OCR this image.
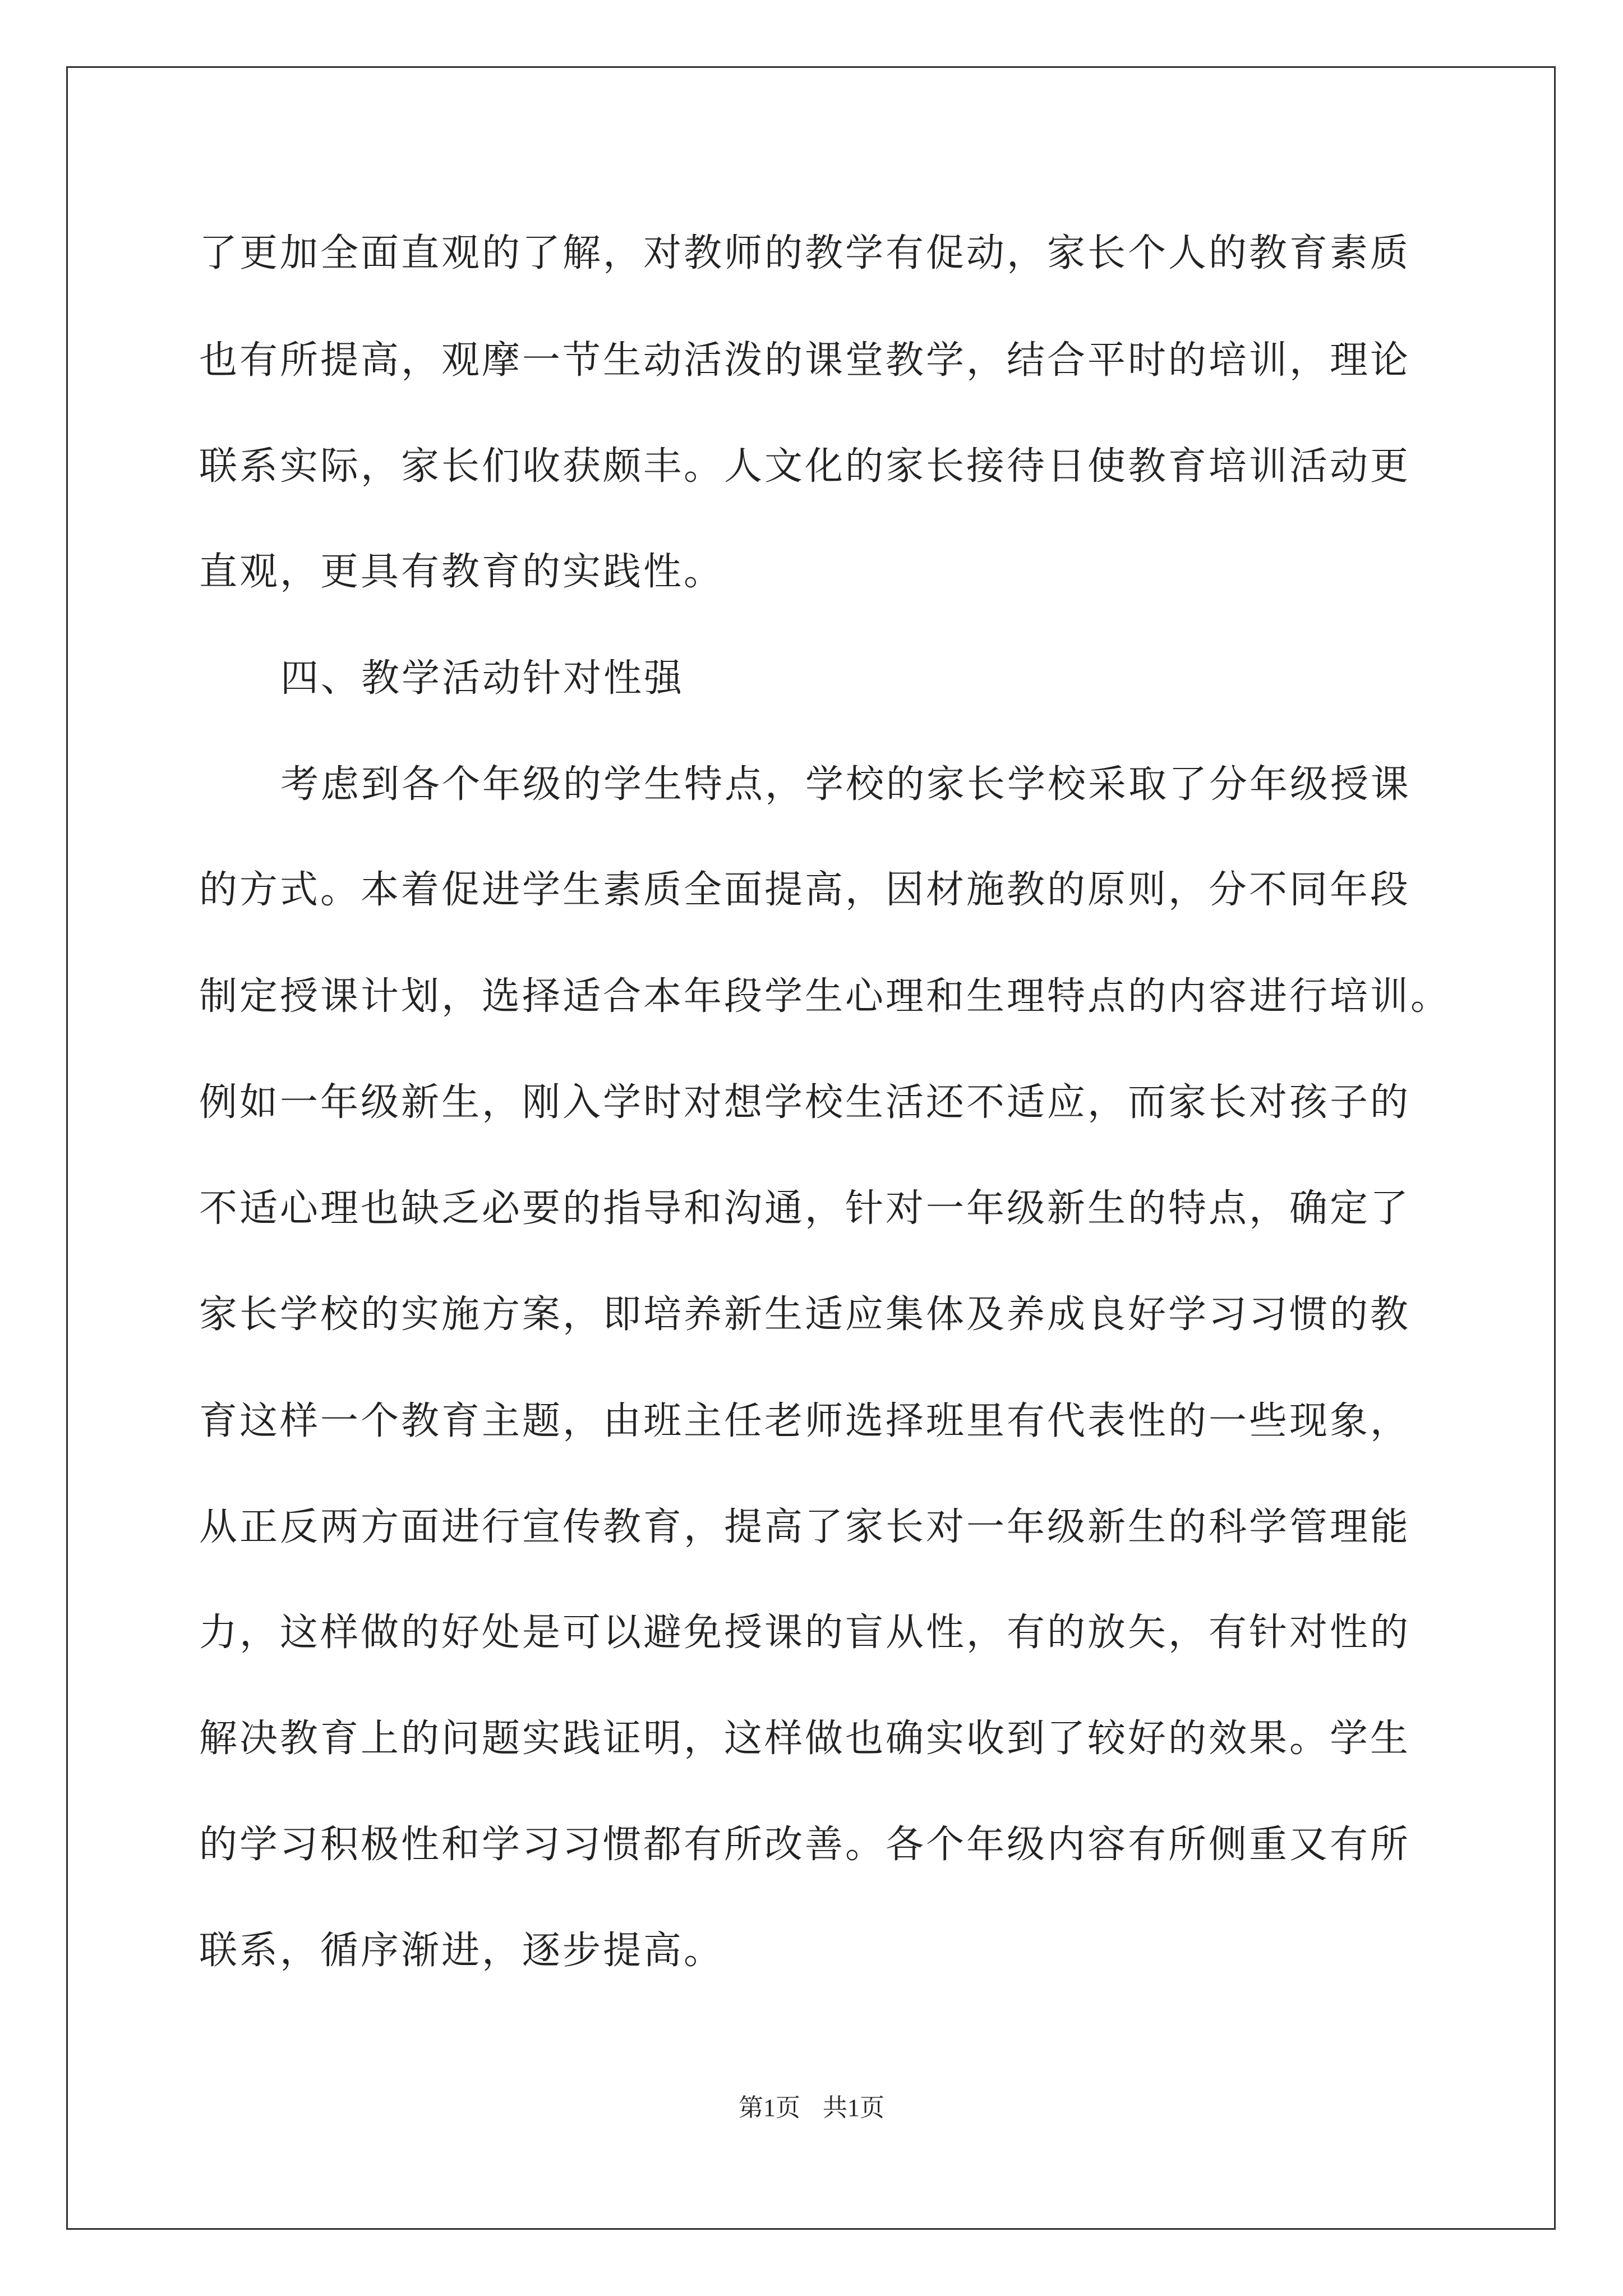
了更加全面直观的了解，对教师的教学有促动，家长个人的教育素质
也有所提高，观摩一节生动活泼的课堂教学，结合平时的培训，理论
联系实际，家长们收获颇丰。人文化的家长接待日使教育培训活动更
直观，更具有教育的实践性。
四、教学活动针对性强
考虑到各个年级的学生特点，学校的家长学校采取了分年级授课
的方式。本着促进学生素质全面提高，因材施教的原则，分不同年段
制定授课计划，选择适合本年段学生心理和生理特点的内容进行培训。
例如一年级新生，刚入学时对想学校生活还不适应，而家长对孩子的
不适心理也缺乏必要的指导和沟通，针对一年级新生的特点，确定了
家长学校的实施方案，即培养新生适应集体及养成良好学习习惯的教
育这样一个教育主题，由班主任老师选择班里有代表性的一些现象，
从正反两方面进行宣传教育，提高了家长对一年级新生的科学管理能
力，这样做的好处是可以避免授课的盲从性，有的放矢，有针对性的
解决教育上的问题实践证明，这样做也确实收到了较好的效果。学生
的学习积极性和学习习惯都有所改善。各个年级内容有所侧重又有所
联系，循序渐进，逐步提高。
第1页 共1页
